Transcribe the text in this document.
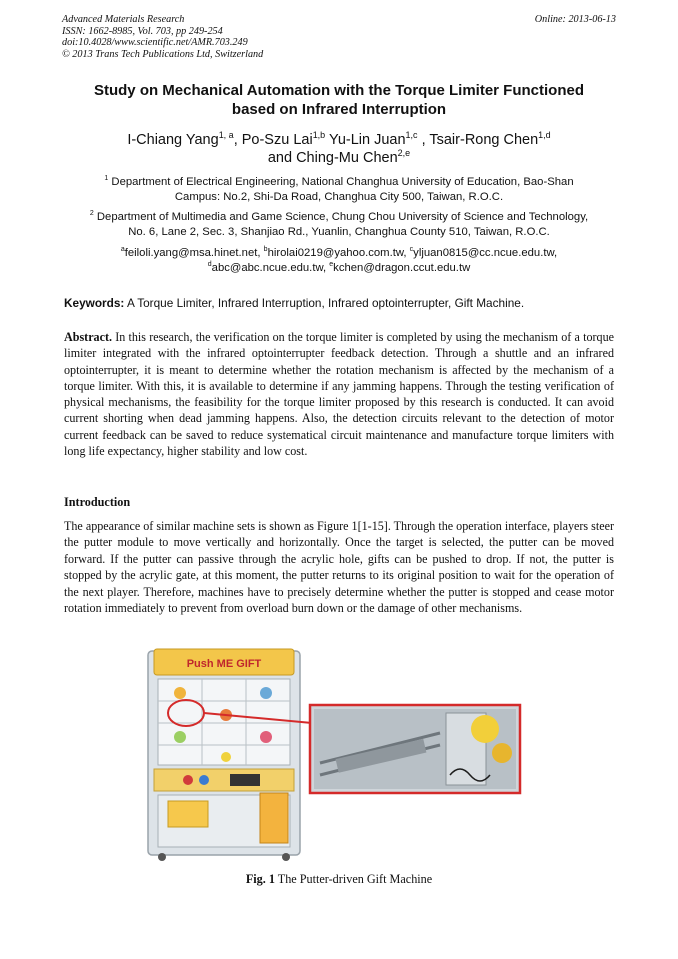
Advanced Materials Research
ISSN: 1662-8985, Vol. 703, pp 249-254
doi:10.4028/www.scientific.net/AMR.703.249
© 2013 Trans Tech Publications Ltd, Switzerland
Online: 2013-06-13
Study on Mechanical Automation with the Torque Limiter Functioned
based on Infrared Interruption
I-Chiang Yang$^{1, a}$, Po-Szu Lai$^{1,b}$ Yu-Lin Juan$^{1,c}$ , Tsair-Rong Chen$^{1,d}$
and Ching-Mu Chen$^{2,e}$
$^1$ Department of Electrical Engineering, National Changhua University of Education, Bao-Shan
Campus: No.2, Shi-Da Road, Changhua City 500, Taiwan, R.O.C.
$^2$ Department of Multimedia and Game Science, Chung Chou University of Science and Technology,
No. 6, Lane 2, Sec. 3, Shanjiao Rd., Yuanlin, Changhua County 510, Taiwan, R.O.C.
$^a$feiloli.yang@msa.hinet.net, $^b$hirolai0219@yahoo.com.tw, $^c$yljuan0815@cc.ncue.edu.tw,
$^d$abc@abc.ncue.edu.tw, $^e$kchen@dragon.ccut.edu.tw
Keywords: A Torque Limiter, Infrared Interruption, Infrared optointerrupter, Gift Machine.
Abstract. In this research, the verification on the torque limiter is completed by using the mechanism of a torque limiter integrated with the infrared optointerrupter feedback detection. Through a shuttle and an infrared optointerrupter, it is meant to determine whether the rotation mechanism is affected by the mechanism of a torque limiter. With this, it is available to determine if any jamming happens. Through the testing verification of physical mechanisms, the feasibility for the torque limiter proposed by this research is conducted. It can avoid current shorting when dead jamming happens. Also, the detection circuits relevant to the detection of motor current feedback can be saved to reduce systematical circuit maintenance and manufacture torque limiters with long life expectancy, higher stability and low cost.
Introduction
The appearance of similar machine sets is shown as Figure 1[1-15]. Through the operation interface, players steer the putter module to move vertically and horizontally. Once the target is selected, the putter can be moved forward. If the putter can passive through the acrylic hole, gifts can be pushed to drop. If not, the putter is stopped by the acrylic gate, at this moment, the putter returns to its original position to wait for the operation of the next player. Therefore, machines have to precisely determine whether the putter is stopped and cease motor rotation immediately to prevent from overload burn down or the damage of other mechanisms.
Push ME GIFT
Fig. 1 The Putter-driven Gift Machine
